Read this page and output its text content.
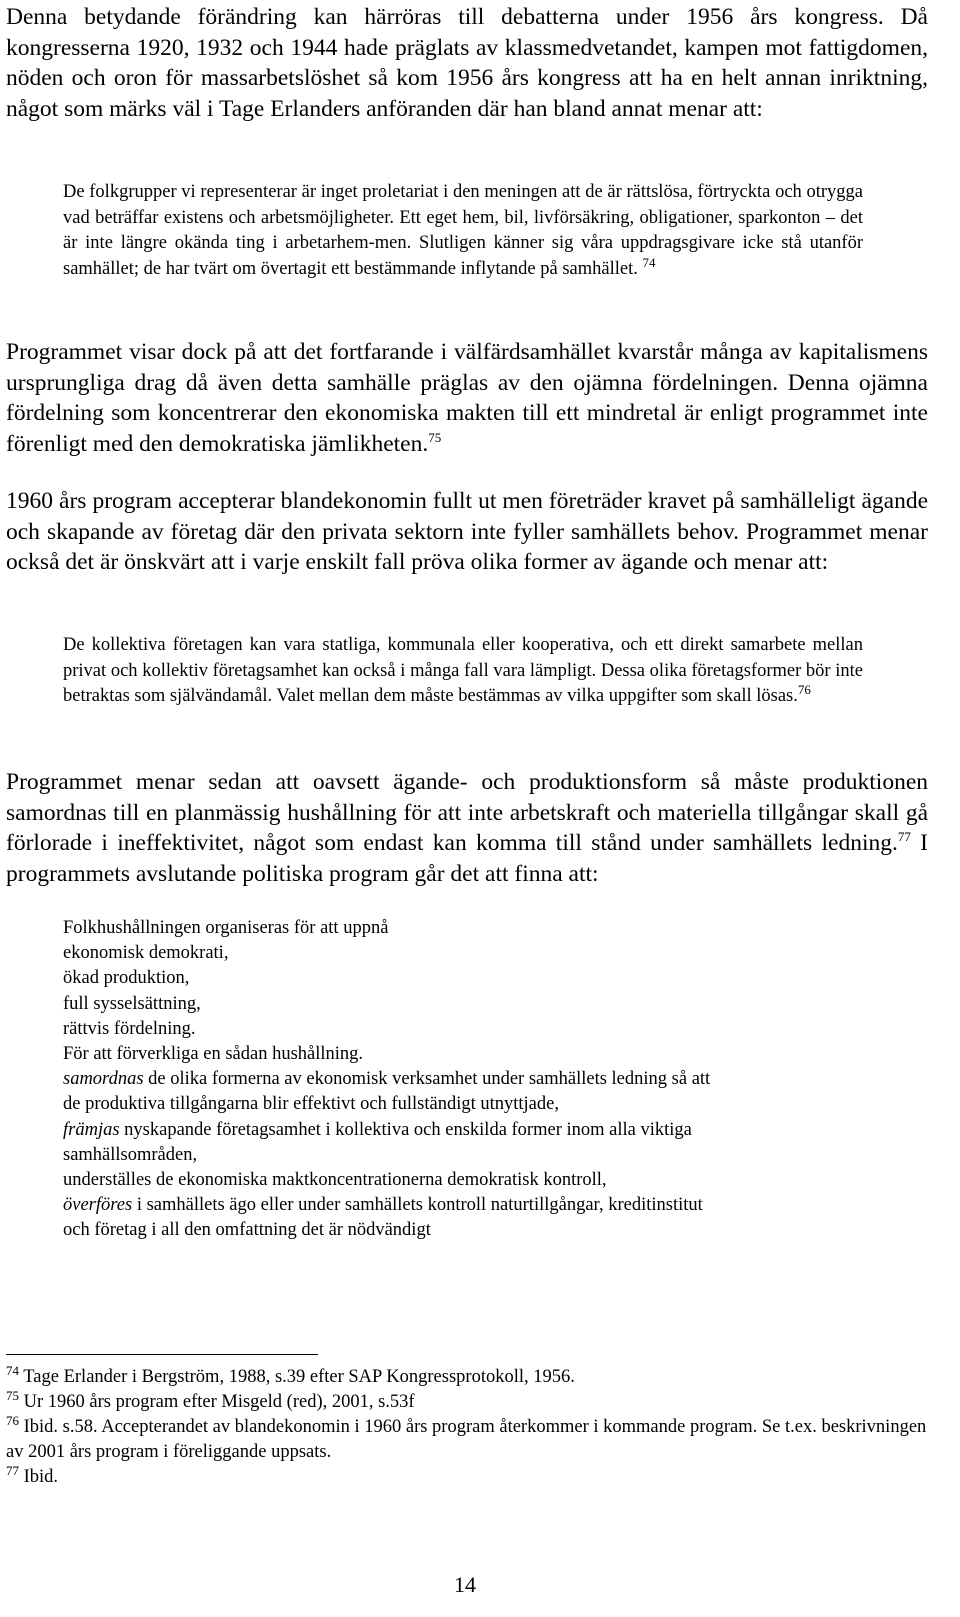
Denna betydande förändring kan härröras till debatterna under 1956 års kongress. Då kongresserna 1920, 1932 och 1944 hade präglats av klassmedvetandet, kampen mot fattigdomen, nöden och oron för massarbetslöshet så kom 1956 års kongress att ha en helt annan inriktning, något som märks väl i Tage Erlanders anföranden där han bland annat menar att:

De folkgrupper vi representerar är inget proletariat i den meningen att de är rättslösa, förtryckta och otrygga vad beträffar existens och arbetsmöjligheter. Ett eget hem, bil, livförsäkring, obligationer, sparkonton – det är inte längre okända ting i arbetarhem-men. Slutligen känner sig våra uppdragsgivare icke stå utanför samhället; de har tvärt om övertagit ett bestämmande inflytande på samhället. $^{74}$

Programmet visar dock på att det fortfarande i välfärdsamhället kvarstår många av kapitalismens ursprungliga drag då även detta samhälle präglas av den ojämna fördelningen. Denna ojämna fördelning som koncentrerar den ekonomiska makten till ett mindretal är enligt programmet inte förenligt med den demokratiska jämlikheten.$^{75}$

1960 års program accepterar blandekonomin fullt ut men företräder kravet på samhälleligt ägande och skapande av företag där den privata sektorn inte fyller samhällets behov. Programmet menar också det är önskvärt att i varje enskilt fall pröva olika former av ägande och menar att:

De kollektiva företagen kan vara statliga, kommunala eller kooperativa, och ett direkt samarbete mellan privat och kollektiv företagsamhet kan också i många fall vara lämpligt. Dessa olika företagsformer bör inte betraktas som självändamål. Valet mellan dem måste bestämmas av vilka uppgifter som skall lösas.$^{76}$

Programmet menar sedan att oavsett ägande- och produktionsform så måste produktionen samordnas till en planmässig hushållning för att inte arbetskraft och materiella tillgångar skall gå förlorade i ineffektivitet, något som endast kan komma till stånd under samhällets ledning.$^{77}$ I programmets avslutande politiska program går det att finna att:

Folkhushållningen organiseras för att uppnå
ekonomisk demokrati,
ökad produktion,
full sysselsättning,
rättvis fördelning.
För att förverkliga en sådan hushållning.
samordnas de olika formerna av ekonomisk verksamhet under samhällets ledning så att de produktiva tillgångarna blir effektivt och fullständigt utnyttjade,
främjas nyskapande företagsamhet i kollektiva och enskilda former inom alla viktiga samhällsområden,
underställes de ekonomiska maktkoncentrationerna demokratisk kontroll,
överföres i samhällets ägo eller under samhällets kontroll naturtillgångar, kreditinstitut och företag i all den omfattning det är nödvändigt
$^{74}$ Tage Erlander i Bergström, 1988, s.39 efter SAP Kongressprotokoll, 1956.
$^{75}$ Ur 1960 års program efter Misgeld (red), 2001, s.53f
$^{76}$ Ibid. s.58. Accepterandet av blandekonomin i 1960 års program återkommer i kommande program. Se t.ex. beskrivningen av 2001 års program i föreliggande uppsats.
$^{77}$ Ibid.
14
